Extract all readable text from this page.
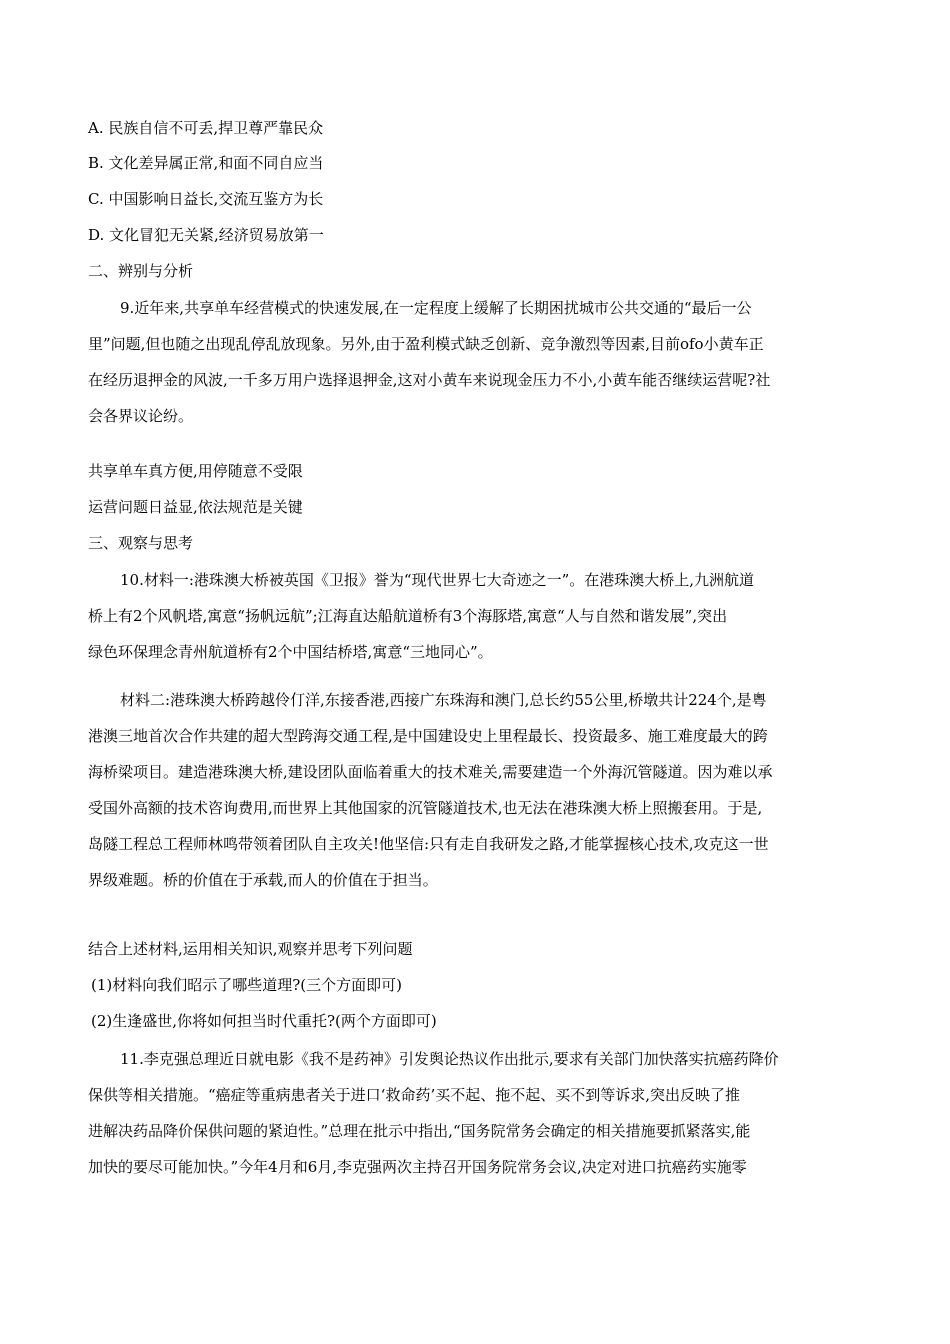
A. 民族自信不可丢,捍卫尊严靠民众
B. 文化差异属正常,和面不同自应当
C. 中国影响日益长,交流互鉴方为长
D. 文化冒犯无关紧,经济贸易放第一
二、辨别与分析
9.近年来,共享单车经营模式的快速发展,在一定程度上缓解了长期困扰城市公共交通的“最后一公
里”问题,但也随之出现乱停乱放现象。另外,由于盈利模式缺乏创新、竞争激烈等因素,目前ofo小黄车正
在经历退押金的风波,一千多万用户选择退押金,这对小黄车来说现金压力不小,小黄车能否继续运营呢?社
会各界议论纷。
共享单车真方便,用停随意不受限
运营问题日益显,依法规范是关键
三、观察与思考
10.材料一:港珠澳大桥被英国《卫报》誉为“现代世界七大奇迹之一”。在港珠澳大桥上,九洲航道
桥上有2个风帆塔,寓意“扬帆远航”;江海直达船航道桥有3个海豚塔,寓意“人与自然和谐发展”,突出
绿色环保理念青州航道桥有2个中国结桥塔,寓意“三地同心”。
材料二:港珠澳大桥跨越伶仃洋,东接香港,西接广东珠海和澳门,总长约55公里,桥墩共计224个,是粤
港澳三地首次合作共建的超大型跨海交通工程,是中国建设史上里程最长、投资最多、施工难度最大的跨
海桥梁项目。建造港珠澳大桥,建设团队面临着重大的技术难关,需要建造一个外海沉管隧道。因为难以承
受国外高额的技术咨询费用,而世界上其他国家的沉管隧道技术,也无法在港珠澳大桥上照搬套用。于是,
岛隧工程总工程师林鸣带领着团队自主攻关!他坚信:只有走自我研发之路,才能掌握核心技术,攻克这一世
界级难题。桥的价值在于承载,而人的价值在于担当。
结合上述材料,运用相关知识,观察并思考下列问题
(1)材料向我们昭示了哪些道理?(三个方面即可)
(2)生逢盛世,你将如何担当时代重托?(两个方面即可)
11.李克强总理近日就电影《我不是药神》引发舆论热议作出批示,要求有关部门加快落实抗癌药降价
保供等相关措施。“癌症等重病患者关于进口‘救命药’买不起、拖不起、买不到等诉求,突出反映了推
进解决药品降价保供问题的紧迫性。”总理在批示中指出,“国务院常务会确定的相关措施要抓紧落实,能
加快的要尽可能加快。”今年4月和6月,李克强两次主持召开国务院常务会议,决定对进口抗癌药实施零
